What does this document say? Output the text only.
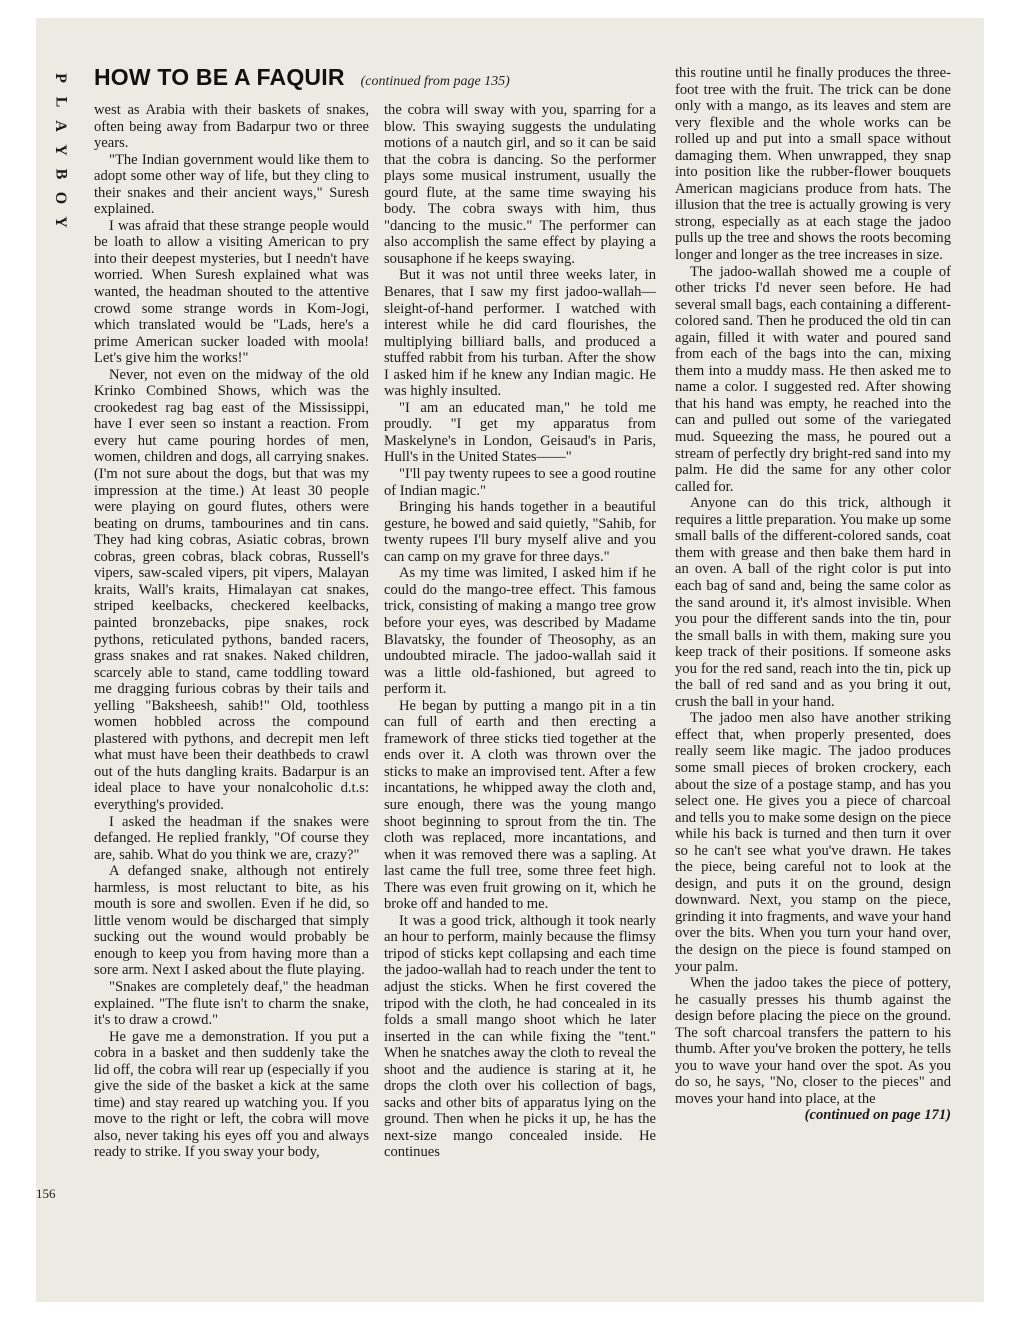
P
L
A
Y
B
O
Y
HOW TO BE A FAQUIR (continued from page 135)

west as Arabia with their baskets of snakes, often being away from Badarpur two or three years.

"The Indian government would like them to adopt some other way of life, but they cling to their snakes and their ancient ways," Suresh explained.

I was afraid that these strange people would be loath to allow a visiting American to pry into their deepest mysteries, but I needn't have worried. When Suresh explained what was wanted, the headman shouted to the attentive crowd some strange words in Kom-Jogi, which translated would be "Lads, here's a prime American sucker loaded with moola! Let's give him the works!"

Never, not even on the midway of the old Krinko Combined Shows, which was the crookedest rag bag east of the Mississippi, have I ever seen so instant a reaction. From every hut came pouring hordes of men, women, children and dogs, all carrying snakes. (I'm not sure about the dogs, but that was my impression at the time.) At least 30 people were playing on gourd flutes, others were beating on drums, tambourines and tin cans. They had king cobras, Asiatic cobras, brown cobras, green cobras, black cobras, Russell's vipers, saw-scaled vipers, pit vipers, Malayan kraits, Wall's kraits, Himalayan cat snakes, striped keelbacks, checkered keelbacks, painted bronzebacks, pipe snakes, rock pythons, reticulated pythons, banded racers, grass snakes and rat snakes. Naked children, scarcely able to stand, came toddling toward me dragging furious cobras by their tails and yelling "Baksheesh, sahib!" Old, toothless women hobbled across the compound plastered with pythons, and decrepit men left what must have been their deathbeds to crawl out of the huts dangling kraits. Badarpur is an ideal place to have your nonalcoholic d.t.s: everything's provided.

I asked the headman if the snakes were defanged. He replied frankly, "Of course they are, sahib. What do you think we are, crazy?"

A defanged snake, although not entirely harmless, is most reluctant to bite, as his mouth is sore and swollen. Even if he did, so little venom would be discharged that simply sucking out the wound would probably be enough to keep you from having more than a sore arm. Next I asked about the flute playing.

"Snakes are completely deaf," the headman explained. "The flute isn't to charm the snake, it's to draw a crowd."

He gave me a demonstration. If you put a cobra in a basket and then suddenly take the lid off, the cobra will rear up (especially if you give the side of the basket a kick at the same time) and stay reared up watching you. If you move to the right or left, the cobra will move also, never taking his eyes off you and always ready to strike. If you sway your body,

the cobra will sway with you, sparring for a blow. This swaying suggests the undulating motions of a nautch girl, and so it can be said that the cobra is dancing. So the performer plays some musical instrument, usually the gourd flute, at the same time swaying his body. The cobra sways with him, thus "dancing to the music." The performer can also accomplish the same effect by playing a sousaphone if he keeps swaying.

But it was not until three weeks later, in Benares, that I saw my first jadoo-wallah—sleight-of-hand performer. I watched with interest while he did card flourishes, the multiplying billiard balls, and produced a stuffed rabbit from his turban. After the show I asked him if he knew any Indian magic. He was highly insulted.

"I am an educated man," he told me proudly. "I get my apparatus from Maskelyne's in London, Geisaud's in Paris, Hull's in the United States——"

"I'll pay twenty rupees to see a good routine of Indian magic."

Bringing his hands together in a beautiful gesture, he bowed and said quietly, "Sahib, for twenty rupees I'll bury myself alive and you can camp on my grave for three days."

As my time was limited, I asked him if he could do the mango-tree effect. This famous trick, consisting of making a mango tree grow before your eyes, was described by Madame Blavatsky, the founder of Theosophy, as an undoubted miracle. The jadoo-wallah said it was a little old-fashioned, but agreed to perform it.

He began by putting a mango pit in a tin can full of earth and then erecting a framework of three sticks tied together at the ends over it. A cloth was thrown over the sticks to make an improvised tent. After a few incantations, he whipped away the cloth and, sure enough, there was the young mango shoot beginning to sprout from the tin. The cloth was replaced, more incantations, and when it was removed there was a sapling. At last came the full tree, some three feet high. There was even fruit growing on it, which he broke off and handed to me.

It was a good trick, although it took nearly an hour to perform, mainly because the flimsy tripod of sticks kept collapsing and each time the jadoo-wallah had to reach under the tent to adjust the sticks. When he first covered the tripod with the cloth, he had concealed in its folds a small mango shoot which he later inserted in the can while fixing the "tent." When he snatches away the cloth to reveal the shoot and the audience is staring at it, he drops the cloth over his collection of bags, sacks and other bits of apparatus lying on the ground. Then when he picks it up, he has the next-size mango concealed inside. He continues

this routine until he finally produces the three-foot tree with the fruit. The trick can be done only with a mango, as its leaves and stem are very flexible and the whole works can be rolled up and put into a small space without damaging them. When unwrapped, they snap into position like the rubber-flower bouquets American magicians produce from hats. The illusion that the tree is actually growing is very strong, especially as at each stage the jadoo pulls up the tree and shows the roots becoming longer and longer as the tree increases in size.

The jadoo-wallah showed me a couple of other tricks I'd never seen before. He had several small bags, each containing a different-colored sand. Then he produced the old tin can again, filled it with water and poured sand from each of the bags into the can, mixing them into a muddy mass. He then asked me to name a color. I suggested red. After showing that his hand was empty, he reached into the can and pulled out some of the variegated mud. Squeezing the mass, he poured out a stream of perfectly dry bright-red sand into my palm. He did the same for any other color called for.

Anyone can do this trick, although it requires a little preparation. You make up some small balls of the different-colored sands, coat them with grease and then bake them hard in an oven. A ball of the right color is put into each bag of sand and, being the same color as the sand around it, it's almost invisible. When you pour the different sands into the tin, pour the small balls in with them, making sure you keep track of their positions. If someone asks you for the red sand, reach into the tin, pick up the ball of red sand and as you bring it out, crush the ball in your hand.

The jadoo men also have another striking effect that, when properly presented, does really seem like magic. The jadoo produces some small pieces of broken crockery, each about the size of a postage stamp, and has you select one. He gives you a piece of charcoal and tells you to make some design on the piece while his back is turned and then turn it over so he can't see what you've drawn. He takes the piece, being careful not to look at the design, and puts it on the ground, design downward. Next, you stamp on the piece, grinding it into fragments, and wave your hand over the bits. When you turn your hand over, the design on the piece is found stamped on your palm.

When the jadoo takes the piece of pottery, he casually presses his thumb against the design before placing the piece on the ground. The soft charcoal transfers the pattern to his thumb. After you've broken the pottery, he tells you to wave your hand over the spot. As you do so, he says, "No, closer to the pieces" and moves your hand into place, at the

(continued on page 171)

156
